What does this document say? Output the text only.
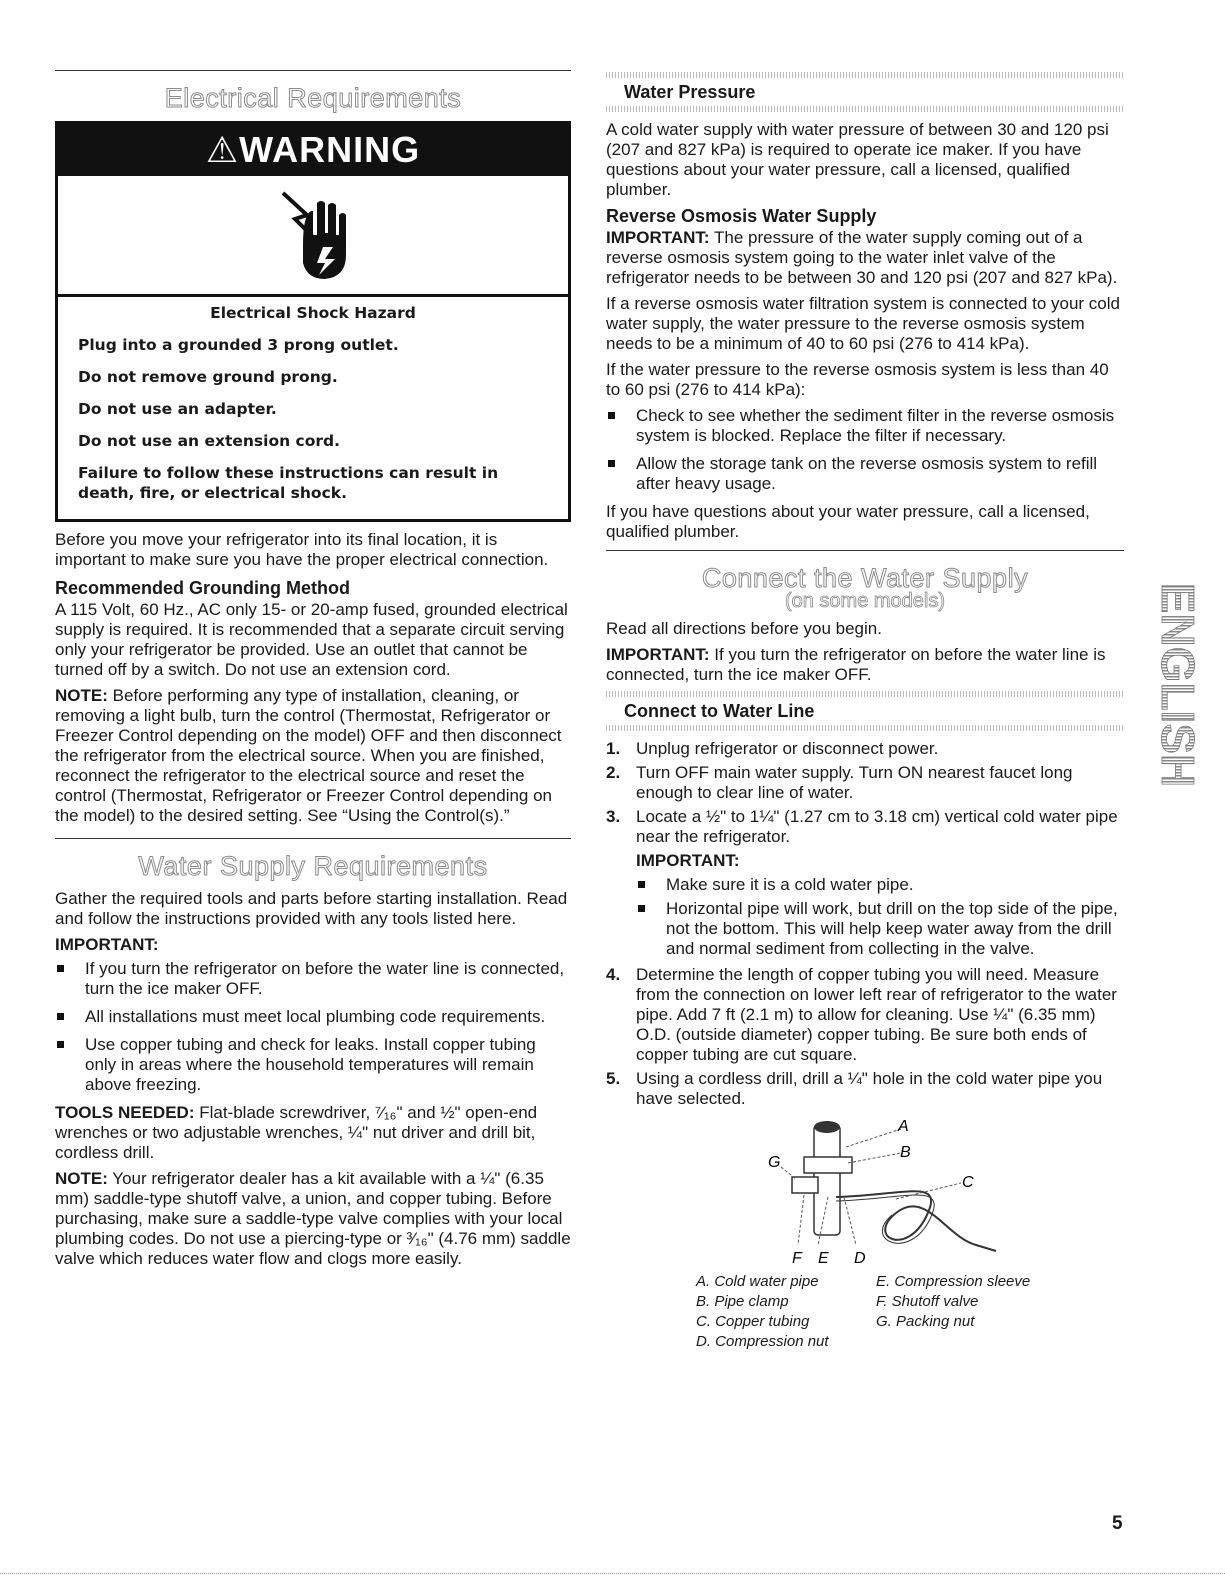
Electrical Requirements
⚠WARNING
Electrical Shock Hazard
Plug into a grounded 3 prong outlet.
Do not remove ground prong.
Do not use an adapter.
Do not use an extension cord.
Failure to follow these instructions can result in death, fire, or electrical shock.

Before you move your refrigerator into its final location, it is important to make sure you have the proper electrical connection.

Recommended Grounding Method

A 115 Volt, 60 Hz., AC only 15- or 20-amp fused, grounded electrical supply is required. It is recommended that a separate circuit serving only your refrigerator be provided. Use an outlet that cannot be turned off by a switch. Do not use an extension cord.

NOTE: Before performing any type of installation, cleaning, or removing a light bulb, turn the control (Thermostat, Refrigerator or Freezer Control depending on the model) OFF and then disconnect the refrigerator from the electrical source. When you are finished, reconnect the refrigerator to the electrical source and reset the control (Thermostat, Refrigerator or Freezer Control depending on the model) to the desired setting. See “Using the Control(s).”

Water Supply Requirements

Gather the required tools and parts before starting installation. Read and follow the instructions provided with any tools listed here.

IMPORTANT:

If you turn the refrigerator on before the water line is connected, turn the ice maker OFF.
All installations must meet local plumbing code requirements.
Use copper tubing and check for leaks. Install copper tubing only in areas where the household temperatures will remain above freezing.

TOOLS NEEDED: Flat-blade screwdriver, ⁷⁄₁₆" and ½" open-end wrenches or two adjustable wrenches, ¼" nut driver and drill bit, cordless drill.

NOTE: Your refrigerator dealer has a kit available with a ¼" (6.35 mm) saddle-type shutoff valve, a union, and copper tubing. Before purchasing, make sure a saddle-type valve complies with your local plumbing codes. Do not use a piercing-type or ³⁄₁₆" (4.76 mm) saddle valve which reduces water flow and clogs more easily.

Water Pressure

A cold water supply with water pressure of between 30 and 120 psi (207 and 827 kPa) is required to operate ice maker. If you have questions about your water pressure, call a licensed, qualified plumber.

Reverse Osmosis Water Supply

IMPORTANT: The pressure of the water supply coming out of a reverse osmosis system going to the water inlet valve of the refrigerator needs to be between 30 and 120 psi (207 and 827 kPa).

If a reverse osmosis water filtration system is connected to your cold water supply, the water pressure to the reverse osmosis system needs to be a minimum of 40 to 60 psi (276 to 414 kPa).

If the water pressure to the reverse osmosis system is less than 40 to 60 psi (276 to 414 kPa):

Check to see whether the sediment filter in the reverse osmosis system is blocked. Replace the filter if necessary.
Allow the storage tank on the reverse osmosis system to refill after heavy usage.

If you have questions about your water pressure, call a licensed, qualified plumber.

Connect the Water Supply
(on some models)

Read all directions before you begin.

IMPORTANT: If you turn the refrigerator on before the water line is connected, turn the ice maker OFF.

Connect to Water Line
1. Unplug refrigerator or disconnect power.
2. Turn OFF main water supply. Turn ON nearest faucet long enough to clear line of water.
3. Locate a ½" to 1¼" (1.27 cm to 3.18 cm) vertical cold water pipe near the refrigerator.
IMPORTANT:
Make sure it is a cold water pipe.
Horizontal pipe will work, but drill on the top side of the pipe, not the bottom. This will help keep water away from the drill and normal sediment from collecting in the valve.
4. Determine the length of copper tubing you will need. Measure from the connection on lower left rear of refrigerator to the water pipe. Add 7 ft (2.1 m) to allow for cleaning. Use ¼" (6.35 mm) O.D. (outside diameter) copper tubing. Be sure both ends of copper tubing are cut square.
5. Using a cordless drill, drill a ¼" hole in the cold water pipe you have selected.
A
B
C
G
F E D
A. Cold water pipe	E. Compression sleeve
B. Pipe clamp	F. Shutoff valve
C. Copper tubing	G. Packing nut
D. Compression nut
ENGLISH
5
